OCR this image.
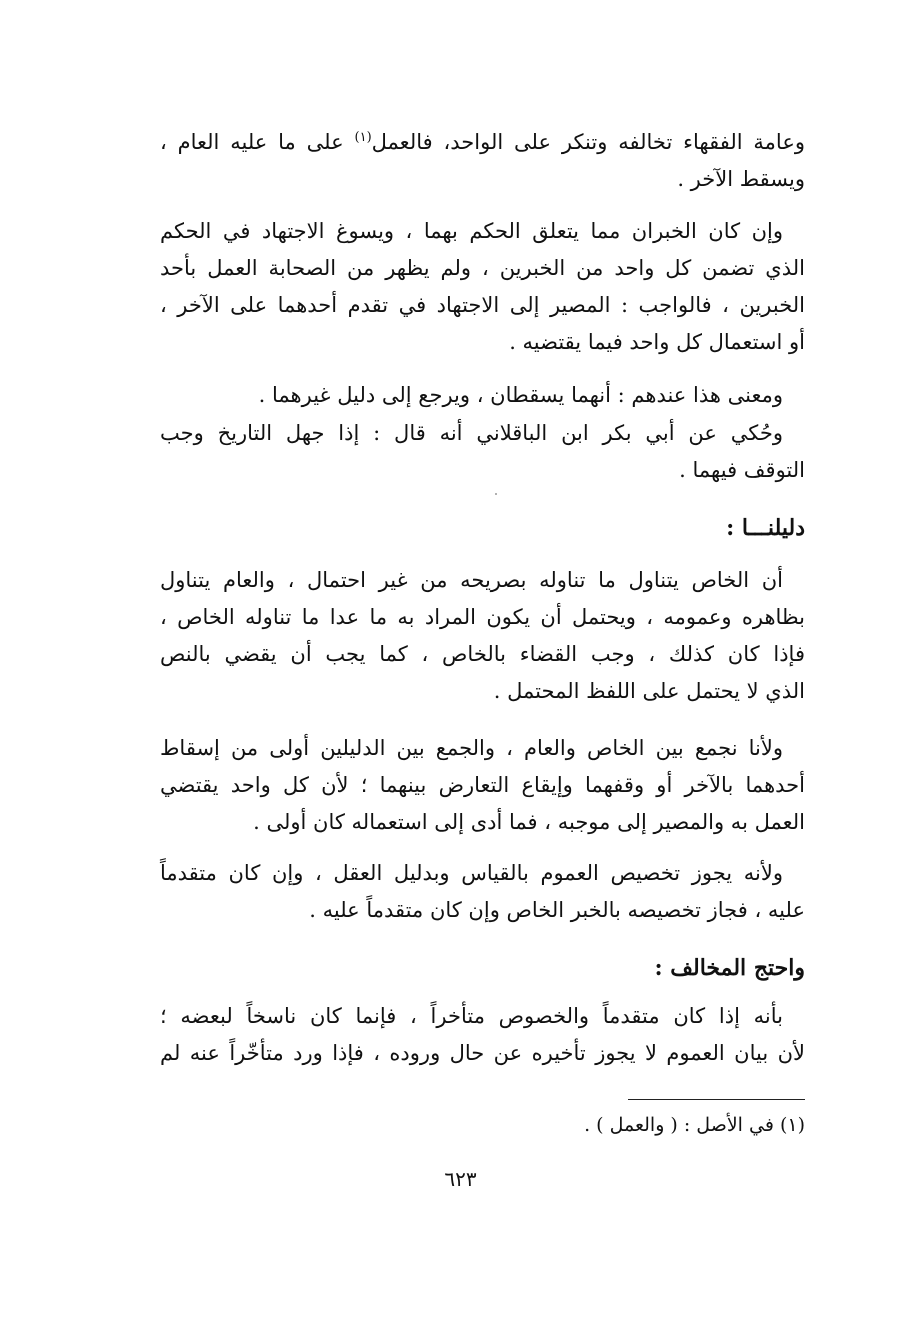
وعامة الفقهاء تخالفه وتنكر على الواحد، فالعمل$^{(١)}$ على ما عليه العام ،
ويسقط الآخر .
وإن كان الخبران مما يتعلق الحكم بهما ، ويسوغ الاجتهاد في الحكم
الذي تضمن كل واحد من الخبرين ، ولم يظهر من الصحابة العمل بأحد
الخبرين ، فالواجب : المصير إلى الاجتهاد في تقدم أحدهما على الآخر ،
أو استعمال كل واحد فيما يقتضيه .
ومعنى هذا عندهم : أنهما يسقطان ، ويرجع إلى دليل غيرهما .
وحُكي عن أبي بكر ابن الباقلاني أنه قال : إذا جهل التاريخ وجب
التوقف فيهما .
دليلنـــا :
أن الخاص يتناول ما تناوله بصريحه من غير احتمال ، والعام يتناول
بظاهره وعمومه ، ويحتمل أن يكون المراد به ما عدا ما تناوله الخاص ،
فإذا كان كذلك ، وجب القضاء بالخاص ، كما يجب أن يقضي بالنص
الذي لا يحتمل على اللفظ المحتمل .
ولأنا نجمع بين الخاص والعام ، والجمع بين الدليلين أولى من إسقاط
أحدهما بالآخر أو وقفهما وإيقاع التعارض بينهما ؛ لأن كل واحد يقتضي
العمل به والمصير إلى موجبه ، فما أدى إلى استعماله كان أولى .
ولأنه يجوز تخصيص العموم بالقياس وبدليل العقل ، وإن كان متقدماً
عليه ، فجاز تخصيصه بالخبر الخاص وإن كان متقدماً عليه .
واحتج المخالف :
بأنه إذا كان متقدماً والخصوص متأخراً ، فإنما كان ناسخاً لبعضه ؛
لأن بيان العموم لا يجوز تأخيره عن حال وروده ، فإذا ورد متأخّراً عنه لم
(١) في الأصل : ( والعمل ) .
٦٢٣
